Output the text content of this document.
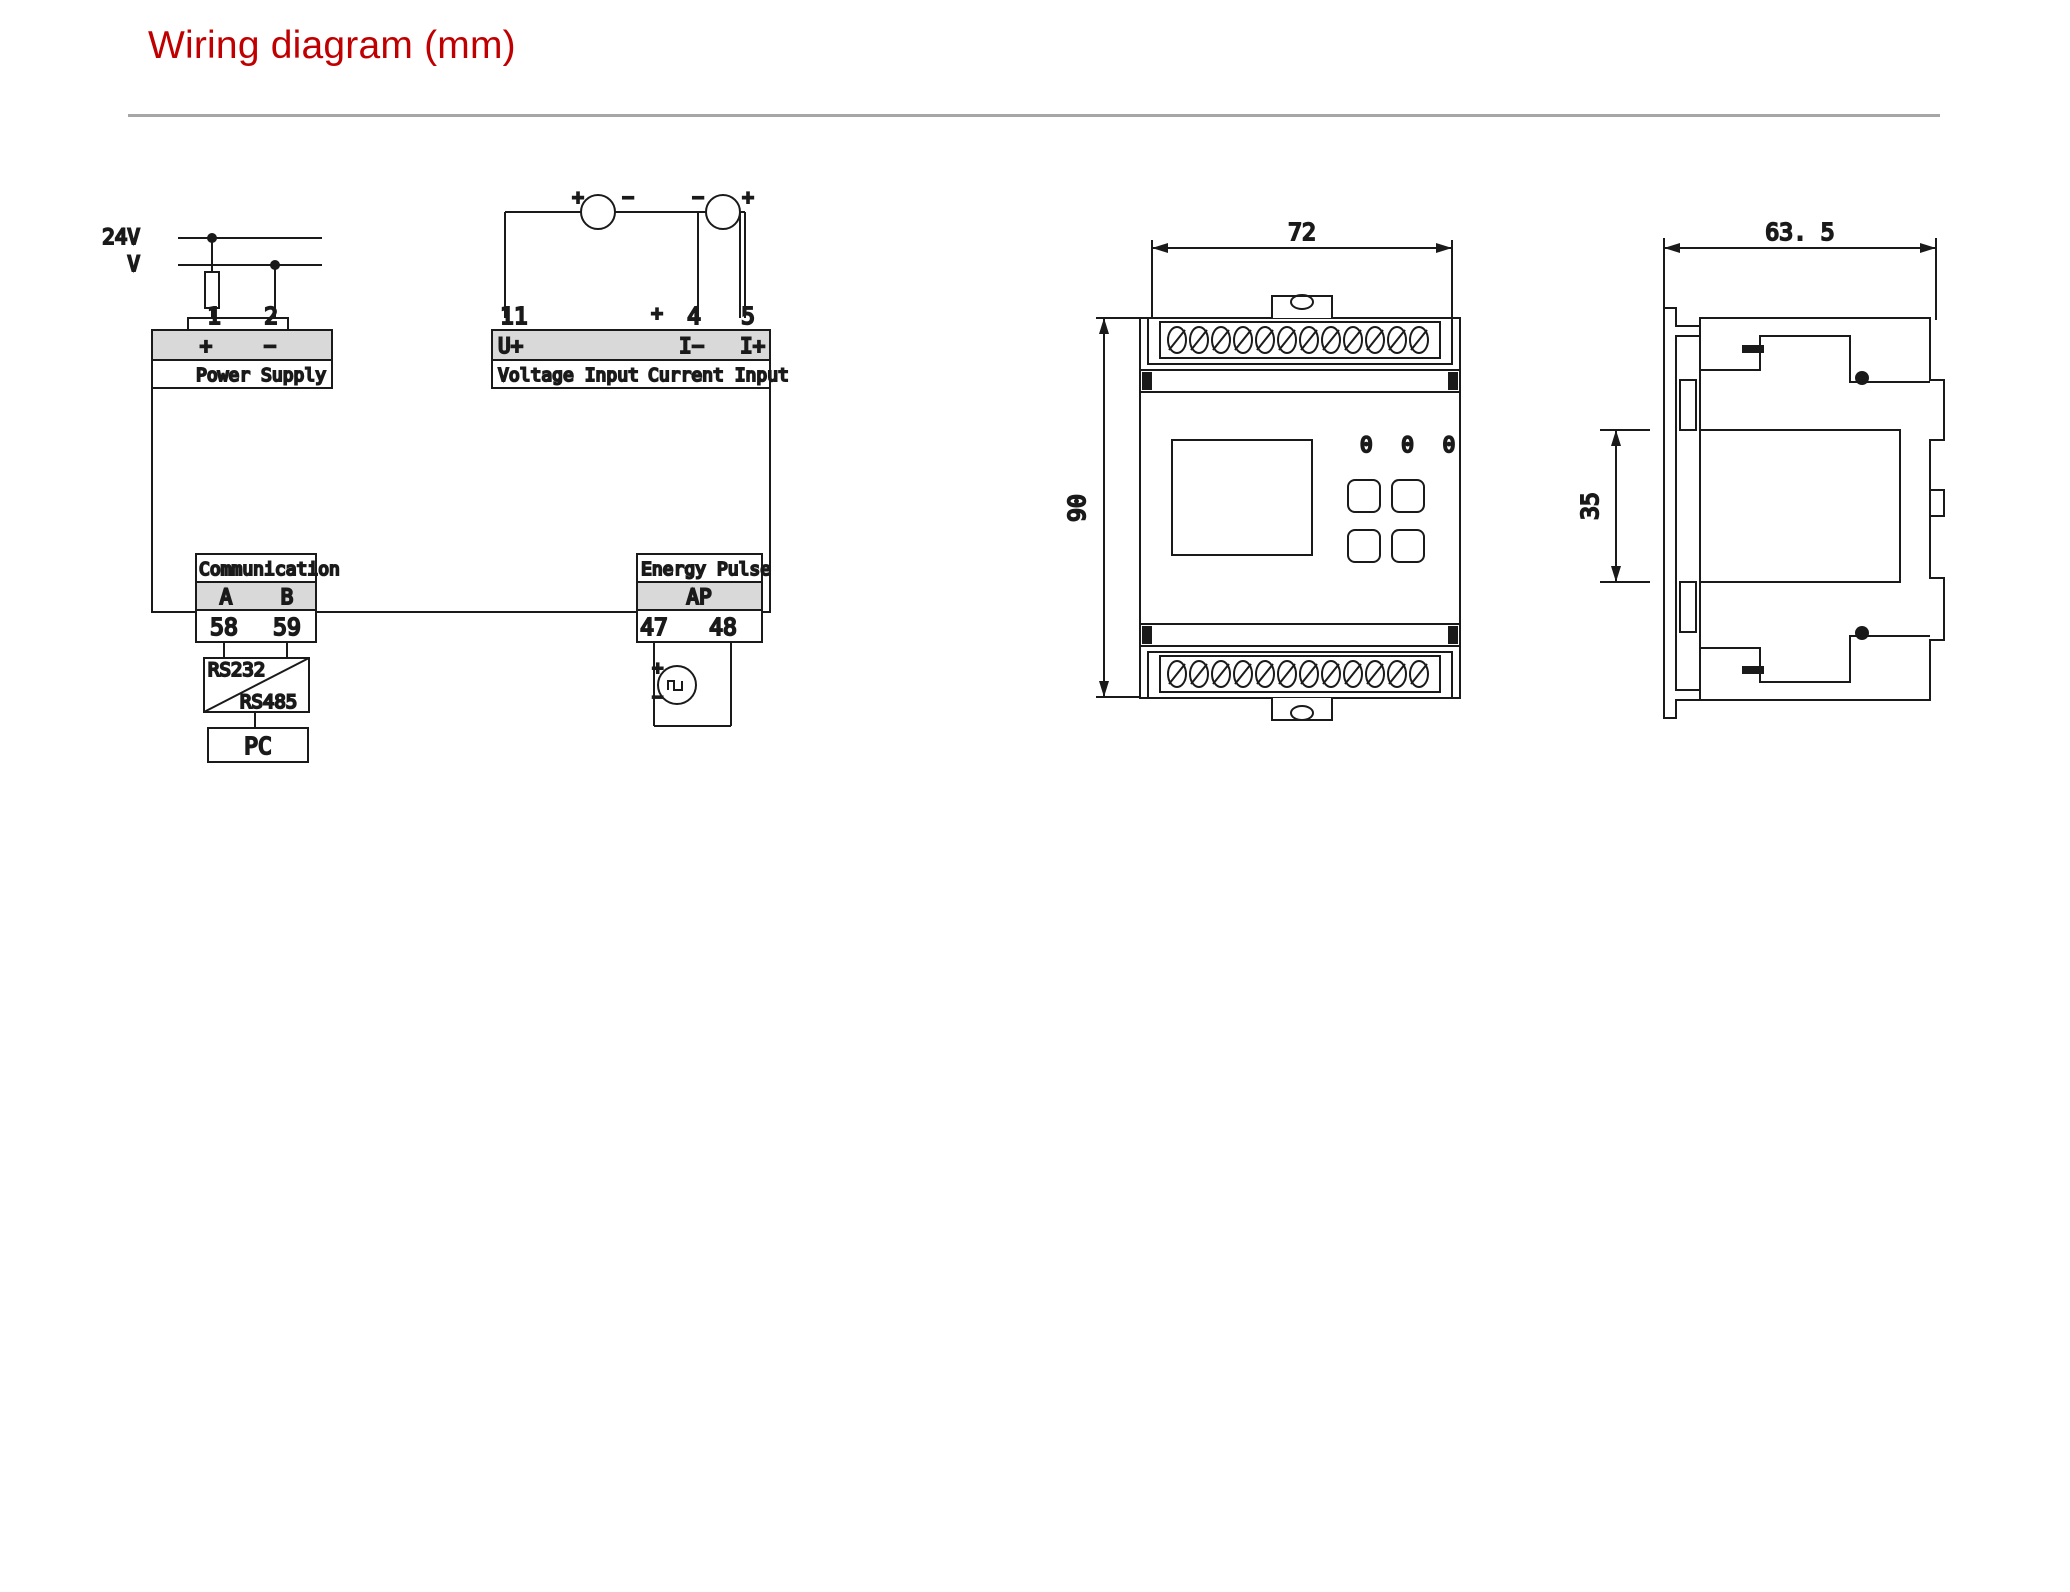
Wiring diagram (mm)
1 2
+ −
Power Supply
24V
V
+ −	− +
11	4 5
+
U+	I− I+
Voltage Input Current Input
Communication
A B
58 59
RS232
RS485
PC
Energy Pulse
AP
47 48
+
−
72
90
0 0 0
63. 5
35
